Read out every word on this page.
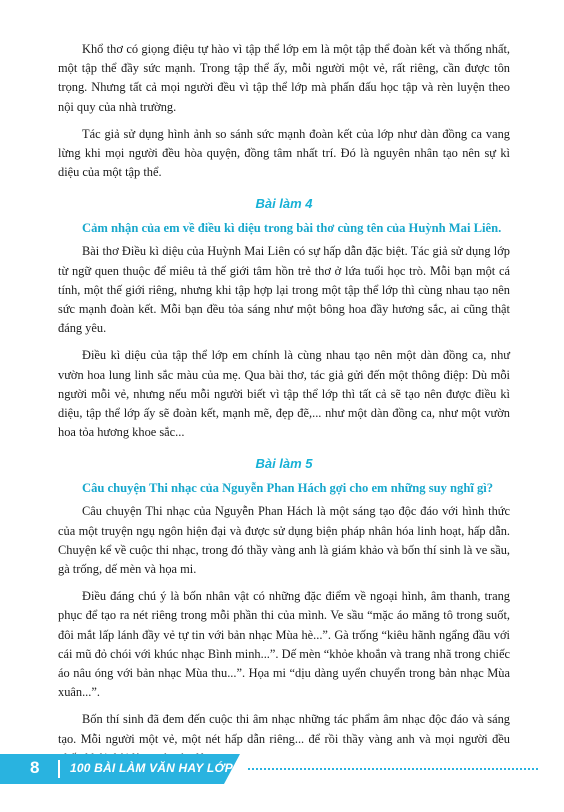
Khổ thơ có giọng điệu tự hào vì tập thể lớp em là một tập thể đoàn kết và thống nhất, một tập thể đầy sức mạnh. Trong tập thể ấy, mỗi người một vẻ, rất riêng, cần được tôn trọng. Nhưng tất cả mọi người đều vì tập thể lớp mà phấn đấu học tập và rèn luyện theo nội quy của nhà trường.

Tác giả sử dụng hình ảnh so sánh sức mạnh đoàn kết của lớp như dàn đồng ca vang lừng khi mọi người đều hòa quyện, đồng tâm nhất trí. Đó là nguyên nhân tạo nên sự kì diệu của một tập thể.

Bài làm 4
Cảm nhận của em về điều kì diệu trong bài thơ cùng tên của Huỳnh Mai Liên.

Bài thơ Điều kì diệu của Huỳnh Mai Liên có sự hấp dẫn đặc biệt. Tác giả sử dụng lớp từ ngữ quen thuộc để miêu tả thế giới tâm hồn trẻ thơ ở lứa tuổi học trò. Mỗi bạn một cá tính, một thế giới riêng, nhưng khi tập hợp lại trong một tập thể lớp thì cùng nhau tạo nên sức mạnh đoàn kết. Mỗi bạn đều tỏa sáng như một bông hoa đầy hương sắc, ai cũng thật đáng yêu.

Điều kì diệu của tập thể lớp em chính là cùng nhau tạo nên một dàn đồng ca, như vườn hoa lung linh sắc màu của mẹ. Qua bài thơ, tác giả gửi đến một thông điệp: Dù mỗi người mỗi vẻ, nhưng nếu mỗi người biết vì tập thể lớp thì tất cả sẽ tạo nên được điều kì diệu, tập thể lớp ấy sẽ đoàn kết, mạnh mẽ, đẹp đẽ,... như một dàn đồng ca, như một vườn hoa tỏa hương khoe sắc...

Bài làm 5
Câu chuyện Thi nhạc của Nguyễn Phan Hách gợi cho em những suy nghĩ gì?

Câu chuyện Thi nhạc của Nguyễn Phan Hách là một sáng tạo độc đáo với hình thức của một truyện ngụ ngôn hiện đại và được sử dụng biện pháp nhân hóa linh hoạt, hấp dẫn. Chuyện kể về cuộc thi nhạc, trong đó thầy vàng anh là giám khảo và bốn thí sinh là ve sầu, gà trống, dế mèn và họa mi.

Điều đáng chú ý là bốn nhân vật có những đặc điểm về ngoại hình, âm thanh, trang phục để tạo ra nét riêng trong mỗi phần thi của mình. Ve sầu “mặc áo măng tô trong suốt, đôi mắt lấp lánh đầy vẻ tự tin với bản nhạc Mùa hè...”. Gà trống “kiêu hãnh ngẩng đầu với cái mũ đỏ chói với khúc nhạc Bình minh...”. Dế mèn “khỏe khoắn và trang nhã trong chiếc áo nâu óng với bản nhạc Mùa thu...”. Họa mi “dịu dàng uyển chuyển trong bản nhạc Mùa xuân...”.

Bốn thí sinh đã đem đến cuộc thi âm nhạc những tác phẩm âm nhạc độc đáo và sáng tạo. Mỗi người một vẻ, một nét hấp dẫn riêng... để rồi thầy vàng anh và mọi người đều

8	100 BÀI LÀM VĂN HAY LỚP 4
